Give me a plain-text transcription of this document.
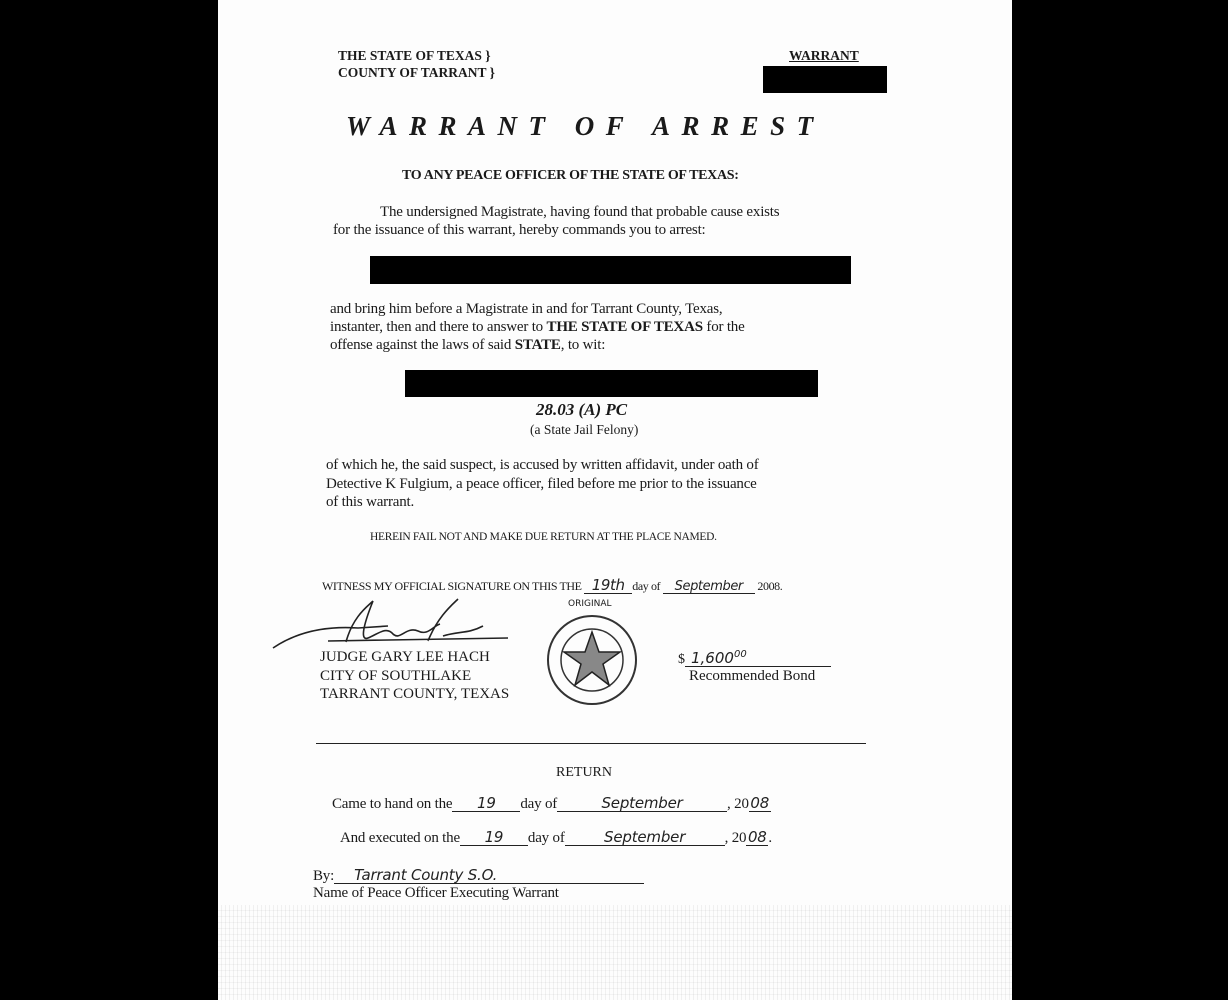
THE STATE OF TEXAS }
COUNTY OF TARRANT }
WARRANT
WARRANT OF ARREST
TO ANY PEACE OFFICER OF THE STATE OF TEXAS:
The undersigned Magistrate, having found that probable cause exists
for the issuance of this warrant, hereby commands you to arrest:
and bring him before a Magistrate in and for Tarrant County, Texas,
instanter, then and there to answer to THE STATE OF TEXAS for the
offense against the laws of said STATE, to wit:
28.03 (A) PC
(a State Jail Felony)
of which he, the said suspect, is accused by written affidavit, under oath of
Detective K Fulgium, a peace officer, filed before me prior to the issuance
of this warrant.
HEREIN FAIL NOT AND MAKE DUE RETURN AT THE PLACE NAMED.
WITNESS MY OFFICIAL SIGNATURE ON THIS THE 19th day of September 2008.
ORIGINAL
JUDGE GARY LEE HACH
CITY OF SOUTHLAKE
TARRANT COUNTY, TEXAS
$ 1,600$^{00}$
Recommended Bond
RETURN
Came to hand on the 19 day of	September	, 20 08
And executed on the 19 day of	September	, 20 08 .
By: Tarrant County S.O.
Name of Peace Officer Executing Warrant
